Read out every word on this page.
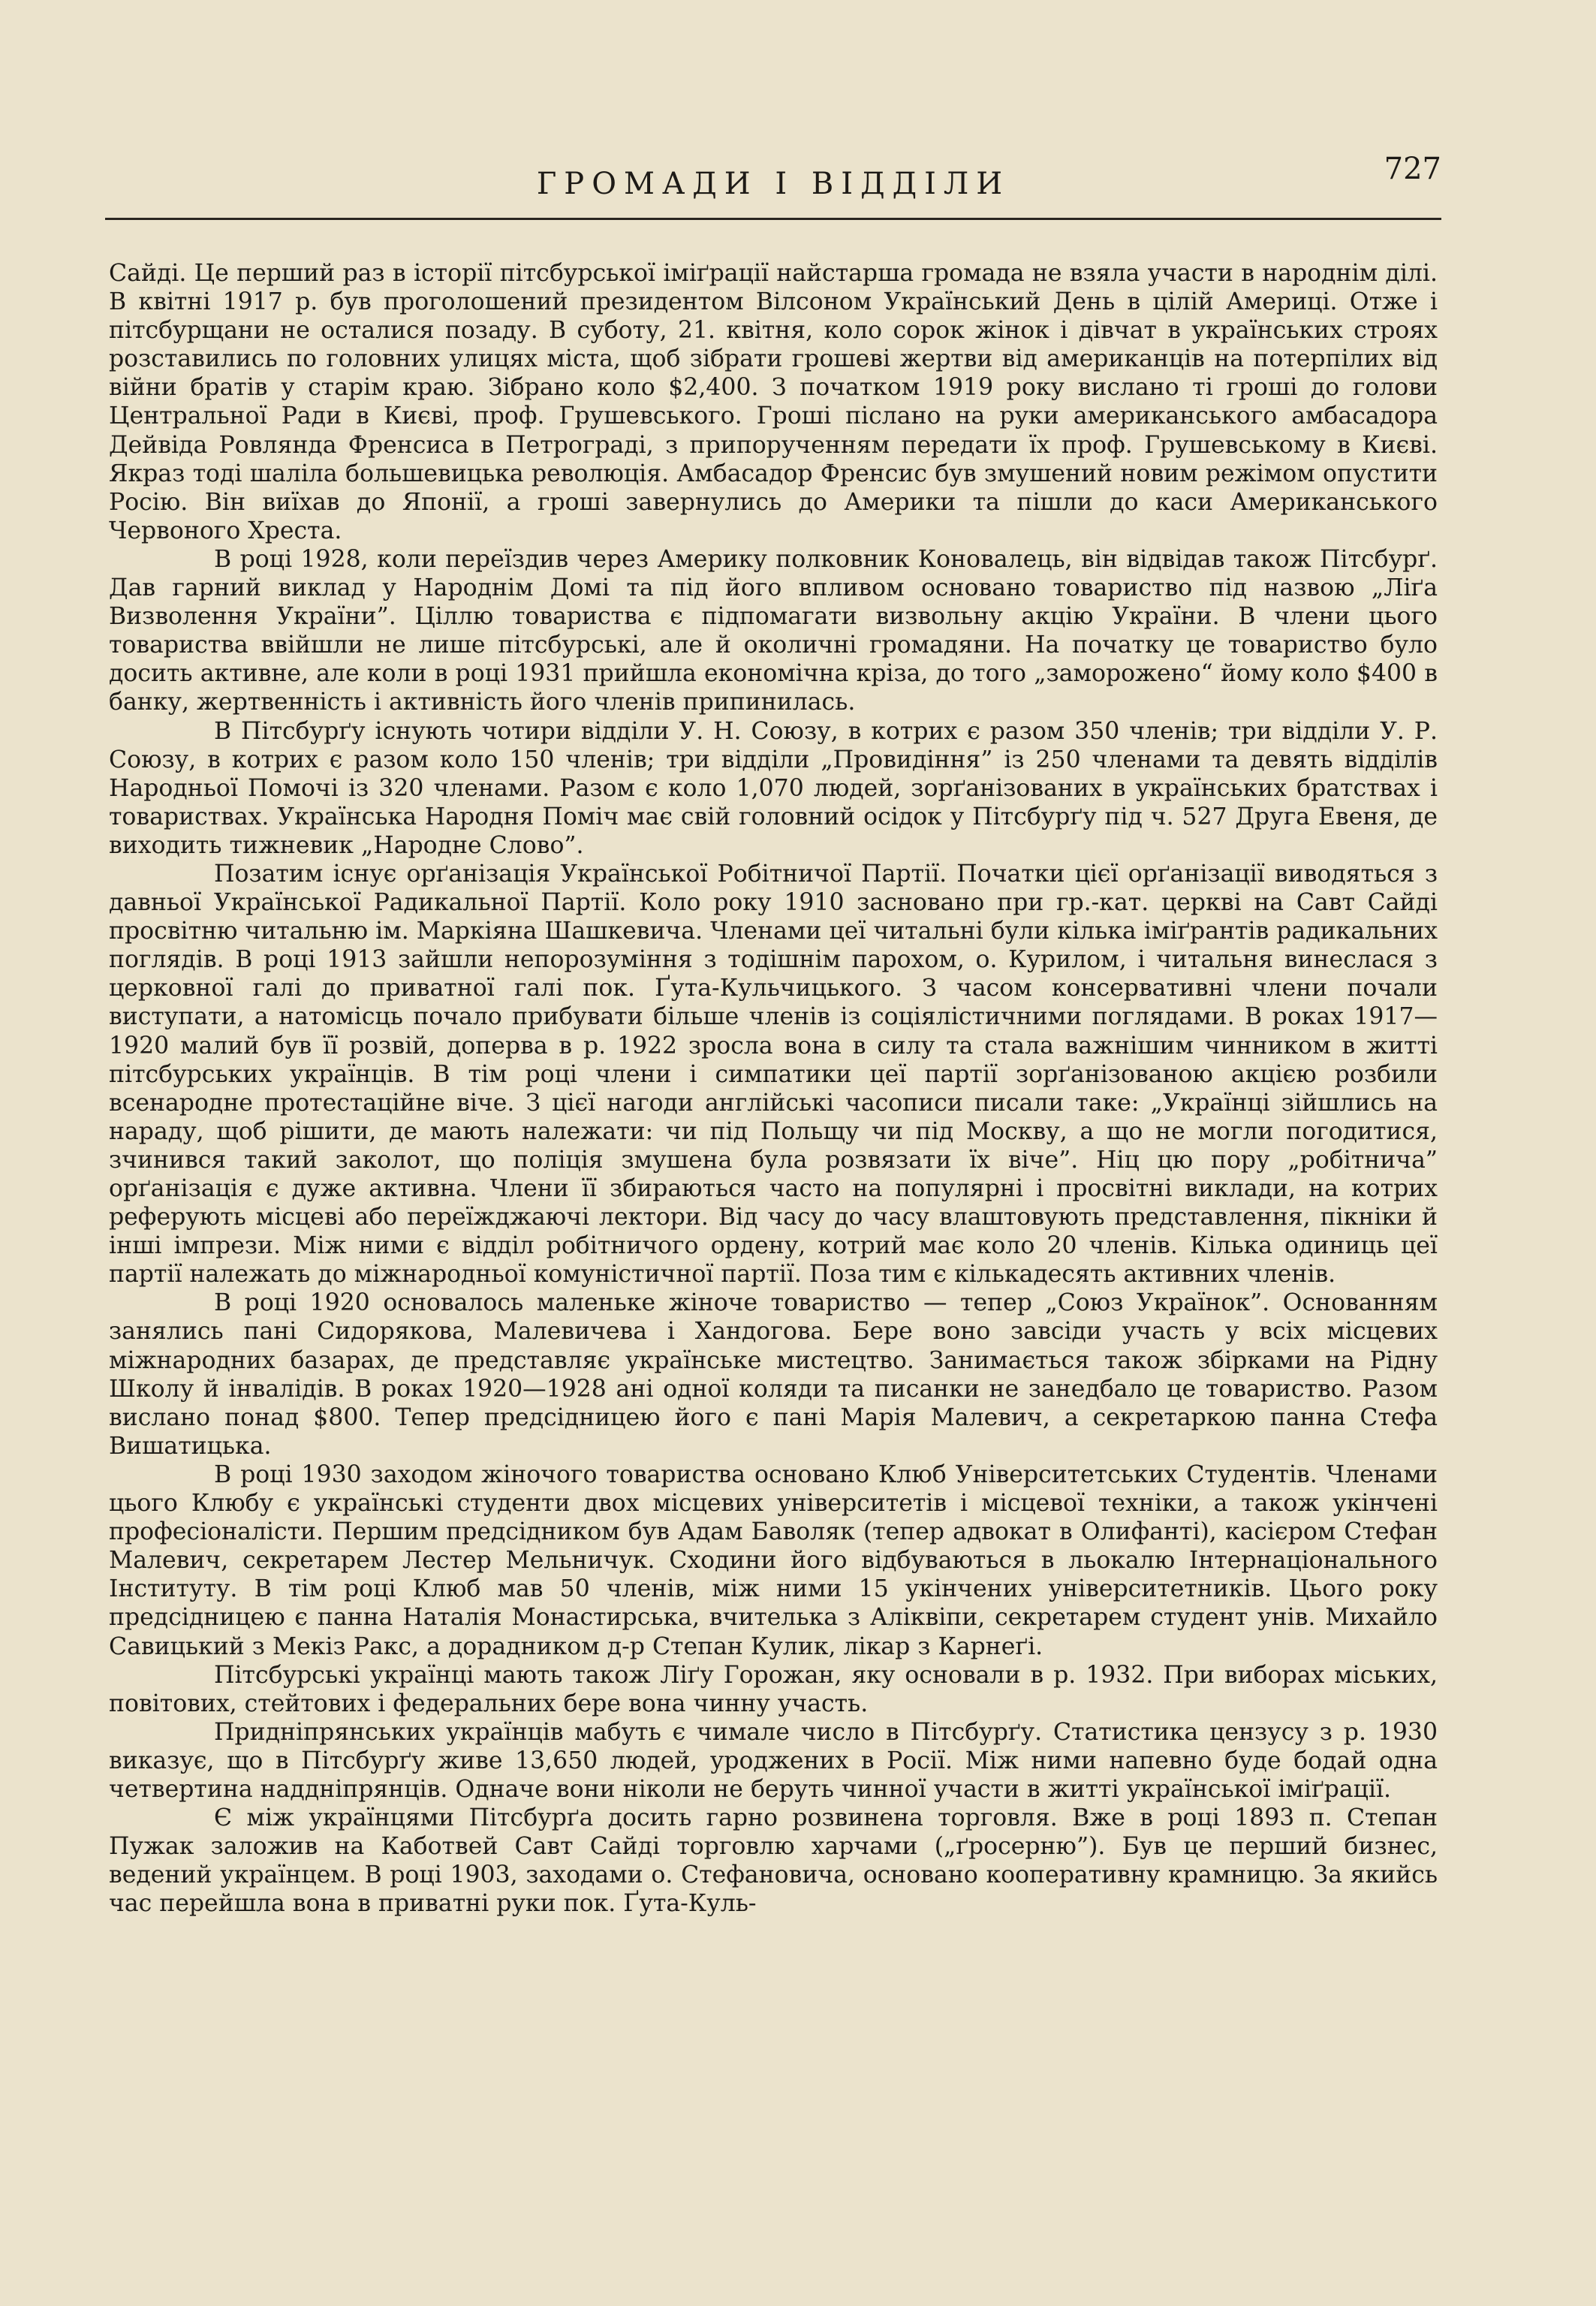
ГРОМАДИ І ВІДДІЛИ	727

Сайді. Це перший раз в історії пітсбурської іміґрації найстарша громада не взяла участи в народнім ділі. В квітні 1917 р. був проголошений президентом Вілсоном Український День в цілій Америці. Отже і пітсбурщани не осталися позаду. В суботу, 21. квітня, коло сорок жінок і дівчат в українських строях розставились по головних улицях міста, щоб зібрати грошеві жертви від американців на потерпілих від війни братів у старім краю. Зібрано коло $2,400. З початком 1919 року вислано ті гроші до голови Центральної Ради в Києві, проф. Грушевського. Гроші післано на руки американського амбасадора Дейвіда Ровлянда Френсиса в Петрограді, з припорученням передати їх проф. Грушевському в Києві. Якраз тоді шаліла большевицька революція. Амбасадор Френсис був змушений новим режімом опустити Росію. Він виїхав до Японії, а гроші завернулись до Америки та пішли до каси Американського Червоного Хреста.

В році 1928, коли переїздив через Америку полковник Коновалець, він відвідав також Пітсбурґ. Дав гарний виклад у Народнім Домі та під його впливом основано товариство під назвою „Ліґа Визволення України”. Ціллю товариства є підпомагати визвольну акцію України. В члени цього товариства ввійшли не лише пітсбурські, але й околичні громадяни. На початку це товариство було досить активне, але коли в році 1931 прийшла економічна кріза, до того „заморожено“ йому коло $400 в банку, жертвенність і активність його членів припинилась.

В Пітсбурґу існують чотири відділи У. Н. Союзу, в котрих є разом 350 членів; три відділи У. Р. Союзу, в котрих є разом коло 150 членів; три відділи „Провидіння” із 250 членами та девять відділів Народньої Помочі із 320 членами. Разом є коло 1,070 людей, зорґанізованих в українських братствах і товариствах. Українська Народня Поміч має свій головний осідок у Пітсбурґу під ч. 527 Друга Евеня, де виходить тижневик „Народне Слово”.

Позатим існує орґанізація Української Робітничої Партії. Початки цієї орґанізації виводяться з давньої Української Радикальної Партії. Коло року 1910 засновано при гр.-кат. церкві на Савт Сайді просвітню читальню ім. Маркіяна Шашкевича. Членами цеї читальні були кілька іміґрантів радикальних поглядів. В році 1913 зайшли непорозуміння з тодішнім парохом, о. Курилом, і читальня винеслася з церковної галі до приватної галі пок. Ґута-Кульчицького. З часом консервативні члени почали виступати, а натомісць почало прибувати більше членів із соціялістичними поглядами. В роках 1917—1920 малий був її розвій, доперва в р. 1922 зросла вона в силу та стала важнішим чинником в житті пітсбурських українців. В тім році члени і симпатики цеї партії зорґанізованою акцією розбили всенародне протестаційне віче. З цієї нагоди англійські часописи писали таке: „Українці зійшлись на нараду, щоб рішити, де мають належати: чи під Польщу чи під Москву, а що не могли погодитися, зчинився такий заколот, що поліція змушена була розвязати їх віче”. Ніц цю пору „робітнича” орґанізація є дуже активна. Члени її збираються часто на популярні і просвітні виклади, на котрих реферують місцеві або переїжджаючі лектори. Від часу до часу влаштовують представлення, пікніки й інші імпрези. Між ними є відділ робітничого ордену, котрий має коло 20 членів. Кілька одиниць цеї партії належать до міжнародньої комуністичної партії. Поза тим є кількадесять активних членів.

В році 1920 основалось маленьке жіноче товариство — тепер „Союз Українок”. Основанням занялись пані Сидорякова, Малевичева і Хандогова. Бере воно завсіди участь у всіх місцевих міжнародних базарах, де представляє українське мистецтво. Занимається також збірками на Рідну Школу й інвалідів. В роках 1920—1928 ані одної коляди та писанки не занедбало це товариство. Разом вислано понад $800. Тепер предсідницею його є пані Марія Малевич, а секретаркою панна Стефа Вишатицька.

В році 1930 заходом жіночого товариства основано Клюб Університетських Студентів. Членами цього Клюбу є українські студенти двох місцевих університетів і місцевої техніки, а також укінчені професіоналісти. Першим предсідником був Адам Баволяк (тепер адвокат в Олифанті), касієром Стефан Малевич, секретарем Лестер Мельничук. Сходини його відбуваються в льокалю Інтернаціонального Інституту. В тім році Клюб мав 50 членів, між ними 15 укінчених університетників. Цього року предсідницею є панна Наталія Монастирська, вчителька з Аліквіпи, секретарем студент унів. Михайло Савицький з Мекіз Ракс, а дорадником д-р Степан Кулик, лікар з Карнеґі.

Пітсбурські українці мають також Ліґу Горожан, яку основали в р. 1932. При виборах міських, повітових, стейтових і федеральних бере вона чинну участь.

Придніпрянських українців мабуть є чимале число в Пітсбурґу. Статистика цензусу з р. 1930 виказує, що в Пітсбурґу живе 13,650 людей, уроджених в Росії. Між ними напевно буде бодай одна четвертина наддніпрянців. Одначе вони ніколи не беруть чинної участи в житті української іміґрації.

Є між українцями Пітсбурґа досить гарно розвинена торговля. Вже в році 1893 п. Степан Пужак заложив на Каботвей Савт Сайді торговлю харчами („ґросерню”). Був це перший бизнес, ведений українцем. В році 1903, заходами о. Стефановича, основано кооперативну крамницю. За якийсь час перейшла вона в приватні руки пок. Ґута-Куль-
